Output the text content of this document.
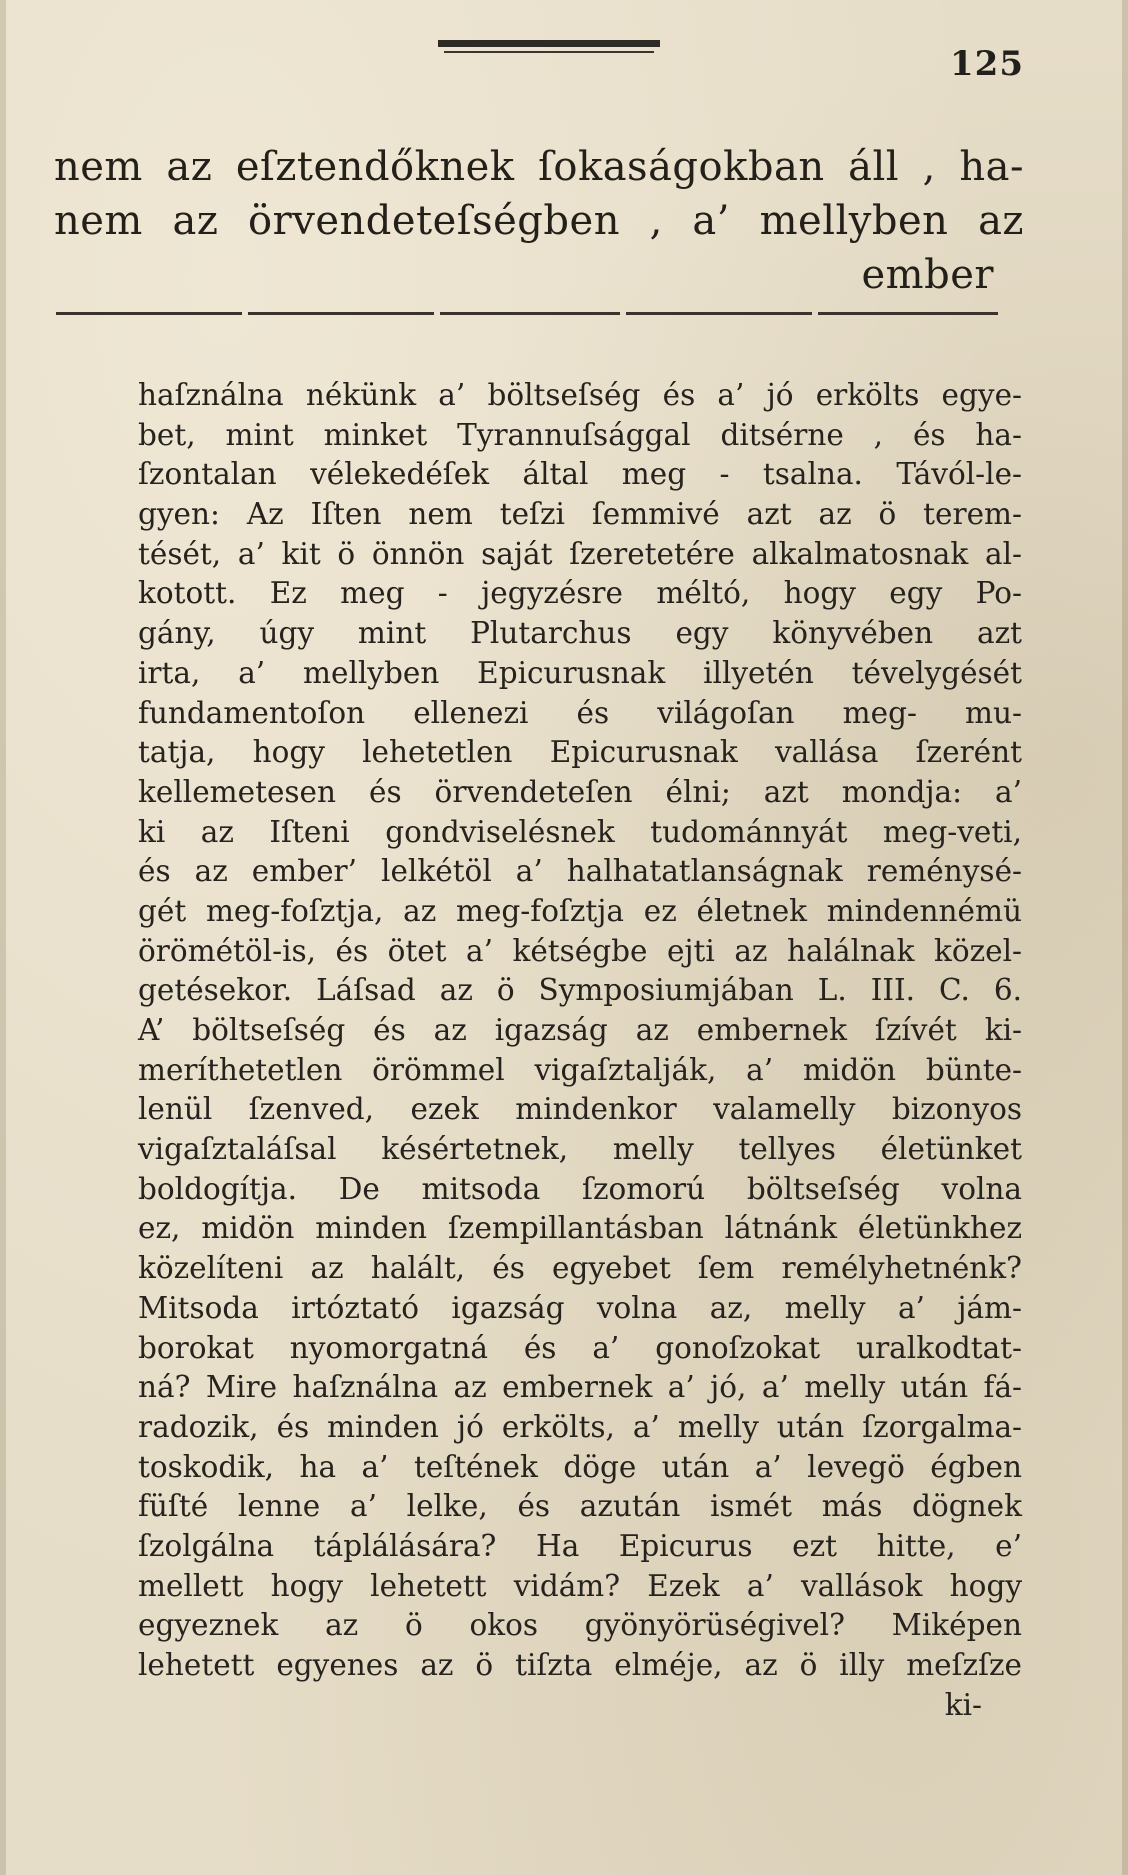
125
nem az eſztendőknek ſokaságokban áll , ha-
nem az örvendeteſségben , a’ mellyben az
ember
haſználna nékünk a’ böltseſség és a’ jó erkölts egye-
bet, mint minket Tyrannuſsággal ditsérne , és ha-
ſzontalan vélekedéſek által meg - tsalna. Távól-le-
gyen: Az Iſten nem teſzi ſemmivé azt az ö terem-
tését, a’ kit ö önnön saját ſzeretetére alkalmatosnak al-
kotott. Ez meg - jegyzésre méltó, hogy egy Po-
gány, úgy mint Plutarchus egy könyvében azt
irta, a’ mellyben Epicurusnak illyetén tévelygését
fundamentoſon ellenezi és világoſan meg- mu-
tatja, hogy lehetetlen Epicurusnak vallása ſzerént
kellemetesen és örvendeteſen élni; azt mondja: a’
ki az Iſteni gondviselésnek tudománnyát meg-veti,
és az ember’ lelkétöl a’ halhatatlanságnak reménysé-
gét meg-foſztja, az meg-foſztja ez életnek mindennémü
örömétöl-is, és ötet a’ kétségbe ejti az halálnak közel-
getésekor. Láſsad az ö Symposiumjában L. III. C. 6.
A’ böltseſség és az igazság az embernek ſzívét ki-
meríthetetlen örömmel vigaſztalják, a’ midön bünte-
lenül ſzenved, ezek mindenkor valamelly bizonyos
vigaſztaláſsal késértetnek, melly tellyes életünket
boldogítja. De mitsoda ſzomorú böltseſség volna
ez, midön minden ſzempillantásban látnánk életünkhez
közelíteni az halált, és egyebet ſem remélyhetnénk?
Mitsoda irtóztató igazság volna az, melly a’ jám-
borokat nyomorgatná és a’ gonoſzokat uralkodtat-
ná? Mire haſználna az embernek a’ jó, a’ melly után fá-
radozik, és minden jó erkölts, a’ melly után ſzorgalma-
toskodik, ha a’ teſtének döge után a’ levegö égben
füſté lenne a’ lelke, és azután ismét más dögnek
ſzolgálna táplálására? Ha Epicurus ezt hitte, e’
mellett hogy lehetett vidám? Ezek a’ vallások hogy
egyeznek az ö okos gyönyörüségivel? Miképen
lehetett egyenes az ö tiſzta elméje, az ö illy meſzſze
ki-
